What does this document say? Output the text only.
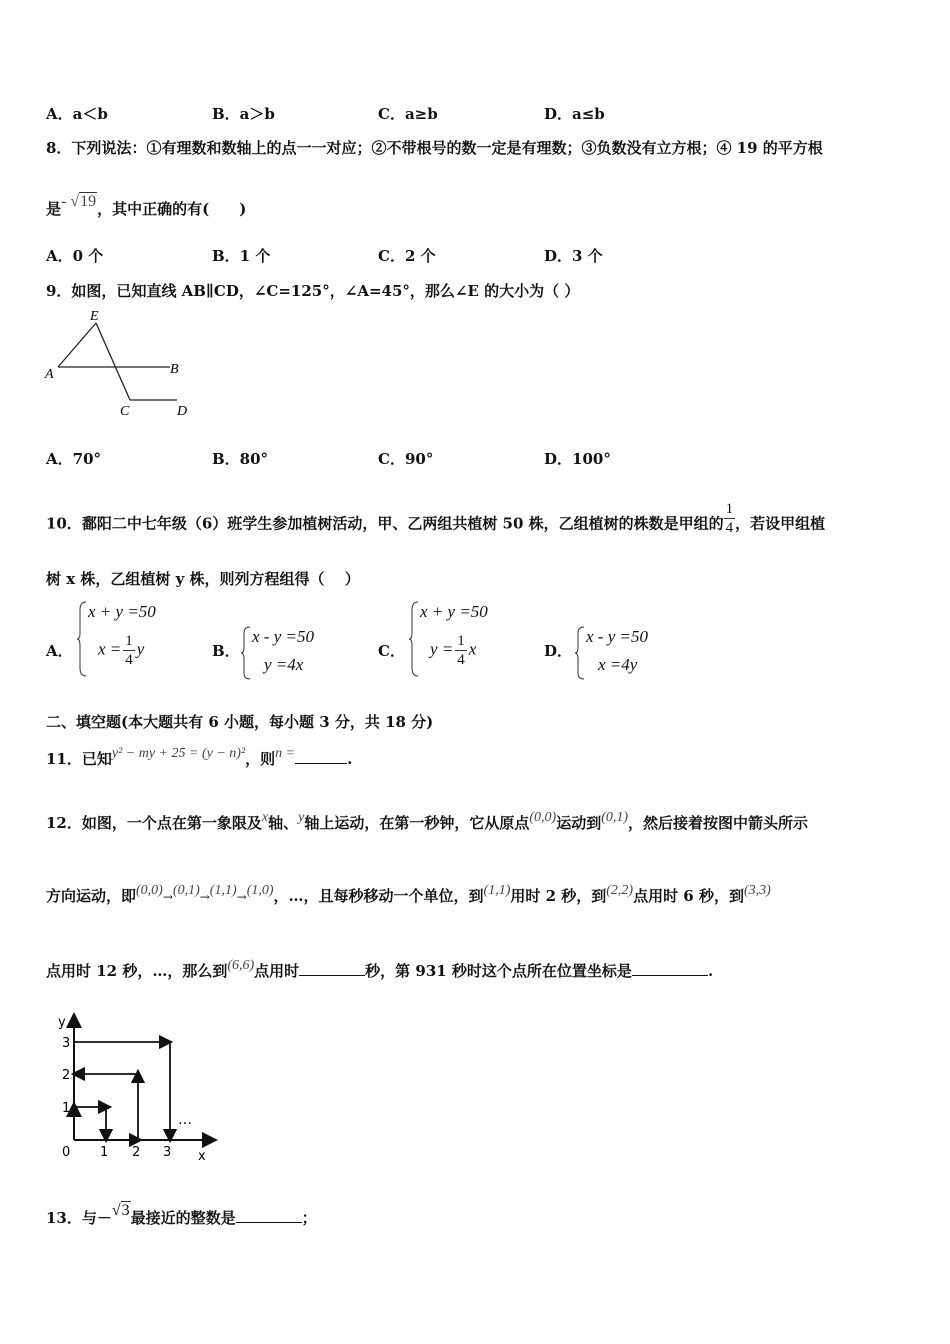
A．a＜b	B．a＞b	C．a≥b	D．a≤b
8．下列说法：①有理数和数轴上的点一一对应；②不带根号的数一定是有理数；③负数没有立方根；④ 19 的平方根
是- √19，其中正确的有(　　)
A．0 个	B．1 个	C．2 个	D．3 个
9．如图，已知直线 AB∥CD，∠C=125°，∠A=45°，那么∠E 的大小为（ ）
E
A	B
C	D
A．70°	B．80°	C．90°	D．100°
10．鄱阳二中七年级（6）班学生参加植树活动，甲、乙两组共植树 50 株，乙组植树的株数是甲组的 $\frac{1}{4}$ ，若设甲组植
树 x 株，乙组植树 y 株，则列方程组得（　 ）
A．
x + y =50
$x = \frac{1}{4}$ y	B．
x - y =50
y =4x
C．
x + y =50
$y = \frac{1}{4}$ x	D．
x - y =50
x =4y
二、填空题(本大题共有 6 小题，每小题 3 分，共 18 分)
11．已知y² − my + 25 = (y − n)²，则n =	.
12．如图，一个点在第一象限及x轴、y轴上运动，在第一秒钟，它从原点(0,0)运动到(0,1)，然后接着按图中箭头所示
方向运动，即(0,0)→(0,1)→(1,1)→(1,0)，…，且每秒移动一个单位，到(1,1)用时 2 秒，到(2,2)点用时 6 秒，到(3,3)
点用时 12 秒，…，那么到(6,6)点用时	秒，第 931 秒时这个点所在位置坐标是	.
y
x
0 1 2 3
1
2
3
…
13．与－√3最接近的整数是	；
